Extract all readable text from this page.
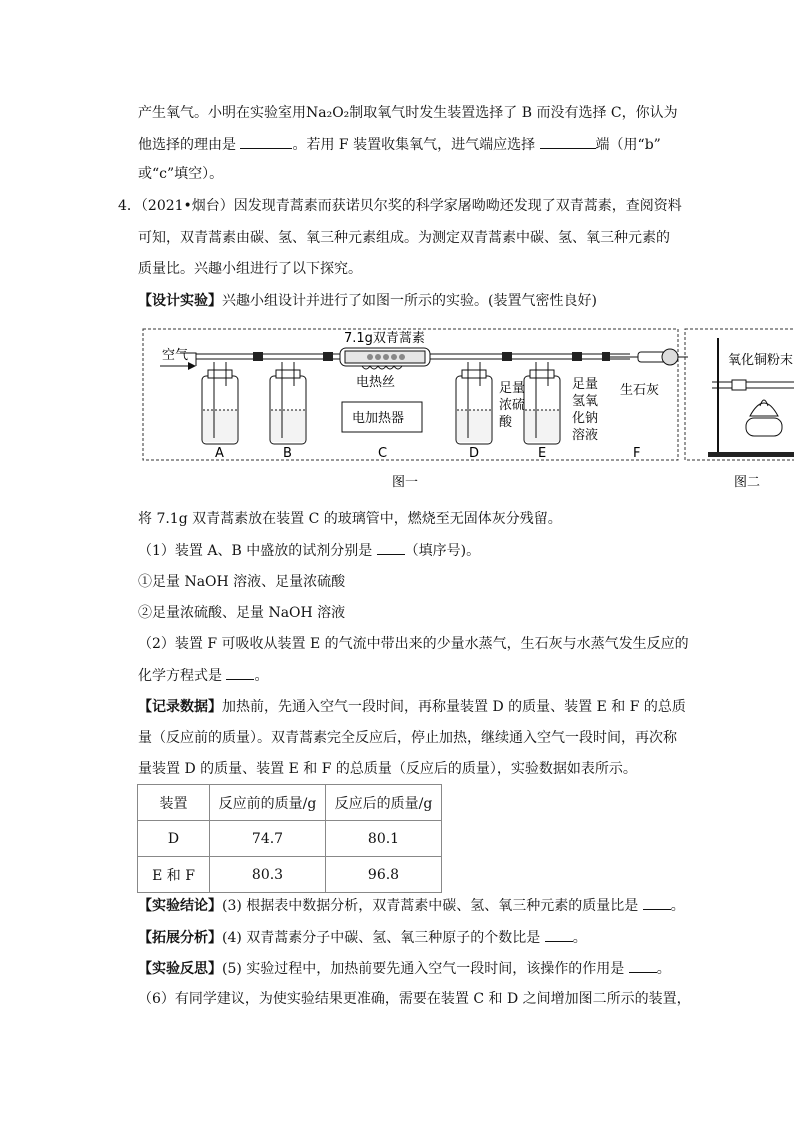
产生氧气。小明在实验室用Na₂O₂制取氧气时发生装置选择了 B 而没有选择 C，你认为
他选择的理由是	。若用 F 装置收集氧气，进气端应选择	端（用“b”
或“c”填空）。
4．（2021•烟台）因发现青蒿素而获诺贝尔奖的科学家屠呦呦还发现了双青蒿素，查阅资料
可知，双青蒿素由碳、氢、氧三种元素组成。为测定双青蒿素中碳、氢、氧三种元素的
质量比。兴趣小组进行了以下探究。
【设计实验】兴趣小组设计并进行了如图一所示的实验。(装置气密性良好)
空气
7.1g双青蒿素
电热丝
电加热器
足量 浓硫 酸
足量 氢氧 化钠 溶液
生石灰
A	B	C	D	E	F
图一	图二
氧化铜粉末
将 7.1g 双青蒿素放在装置 C 的玻璃管中，燃烧至无固体灰分残留。
（1）装置 A、B 中盛放的试剂分别是 （填序号)。
①足量 NaOH 溶液、足量浓硫酸
②足量浓硫酸、足量 NaOH 溶液
（2）装置 F 可吸收从装置 E 的气流中带出来的少量水蒸气，生石灰与水蒸气发生反应的
化学方程式是 。
【记录数据】加热前，先通入空气一段时间，再称量装置 D 的质量、装置 E 和 F 的总质
量（反应前的质量）。双青蒿素完全反应后，停止加热，继续通入空气一段时间，再次称
量装置 D 的质量、装置 E 和 F 的总质量（反应后的质量），实验数据如表所示。
装置	反应前的质量/g	反应后的质量/g
D	74.7	80.1
E 和 F	80.3	96.8
【实验结论】(3) 根据表中数据分析，双青蒿素中碳、氢、氧三种元素的质量比是 。
【拓展分析】(4) 双青蒿素分子中碳、氢、氧三种原子的个数比是 。
【实验反思】(5) 实验过程中，加热前要先通入空气一段时间，该操作的作用是 。
（6）有同学建议，为使实验结果更准确，需要在装置 C 和 D 之间增加图二所示的装置，
